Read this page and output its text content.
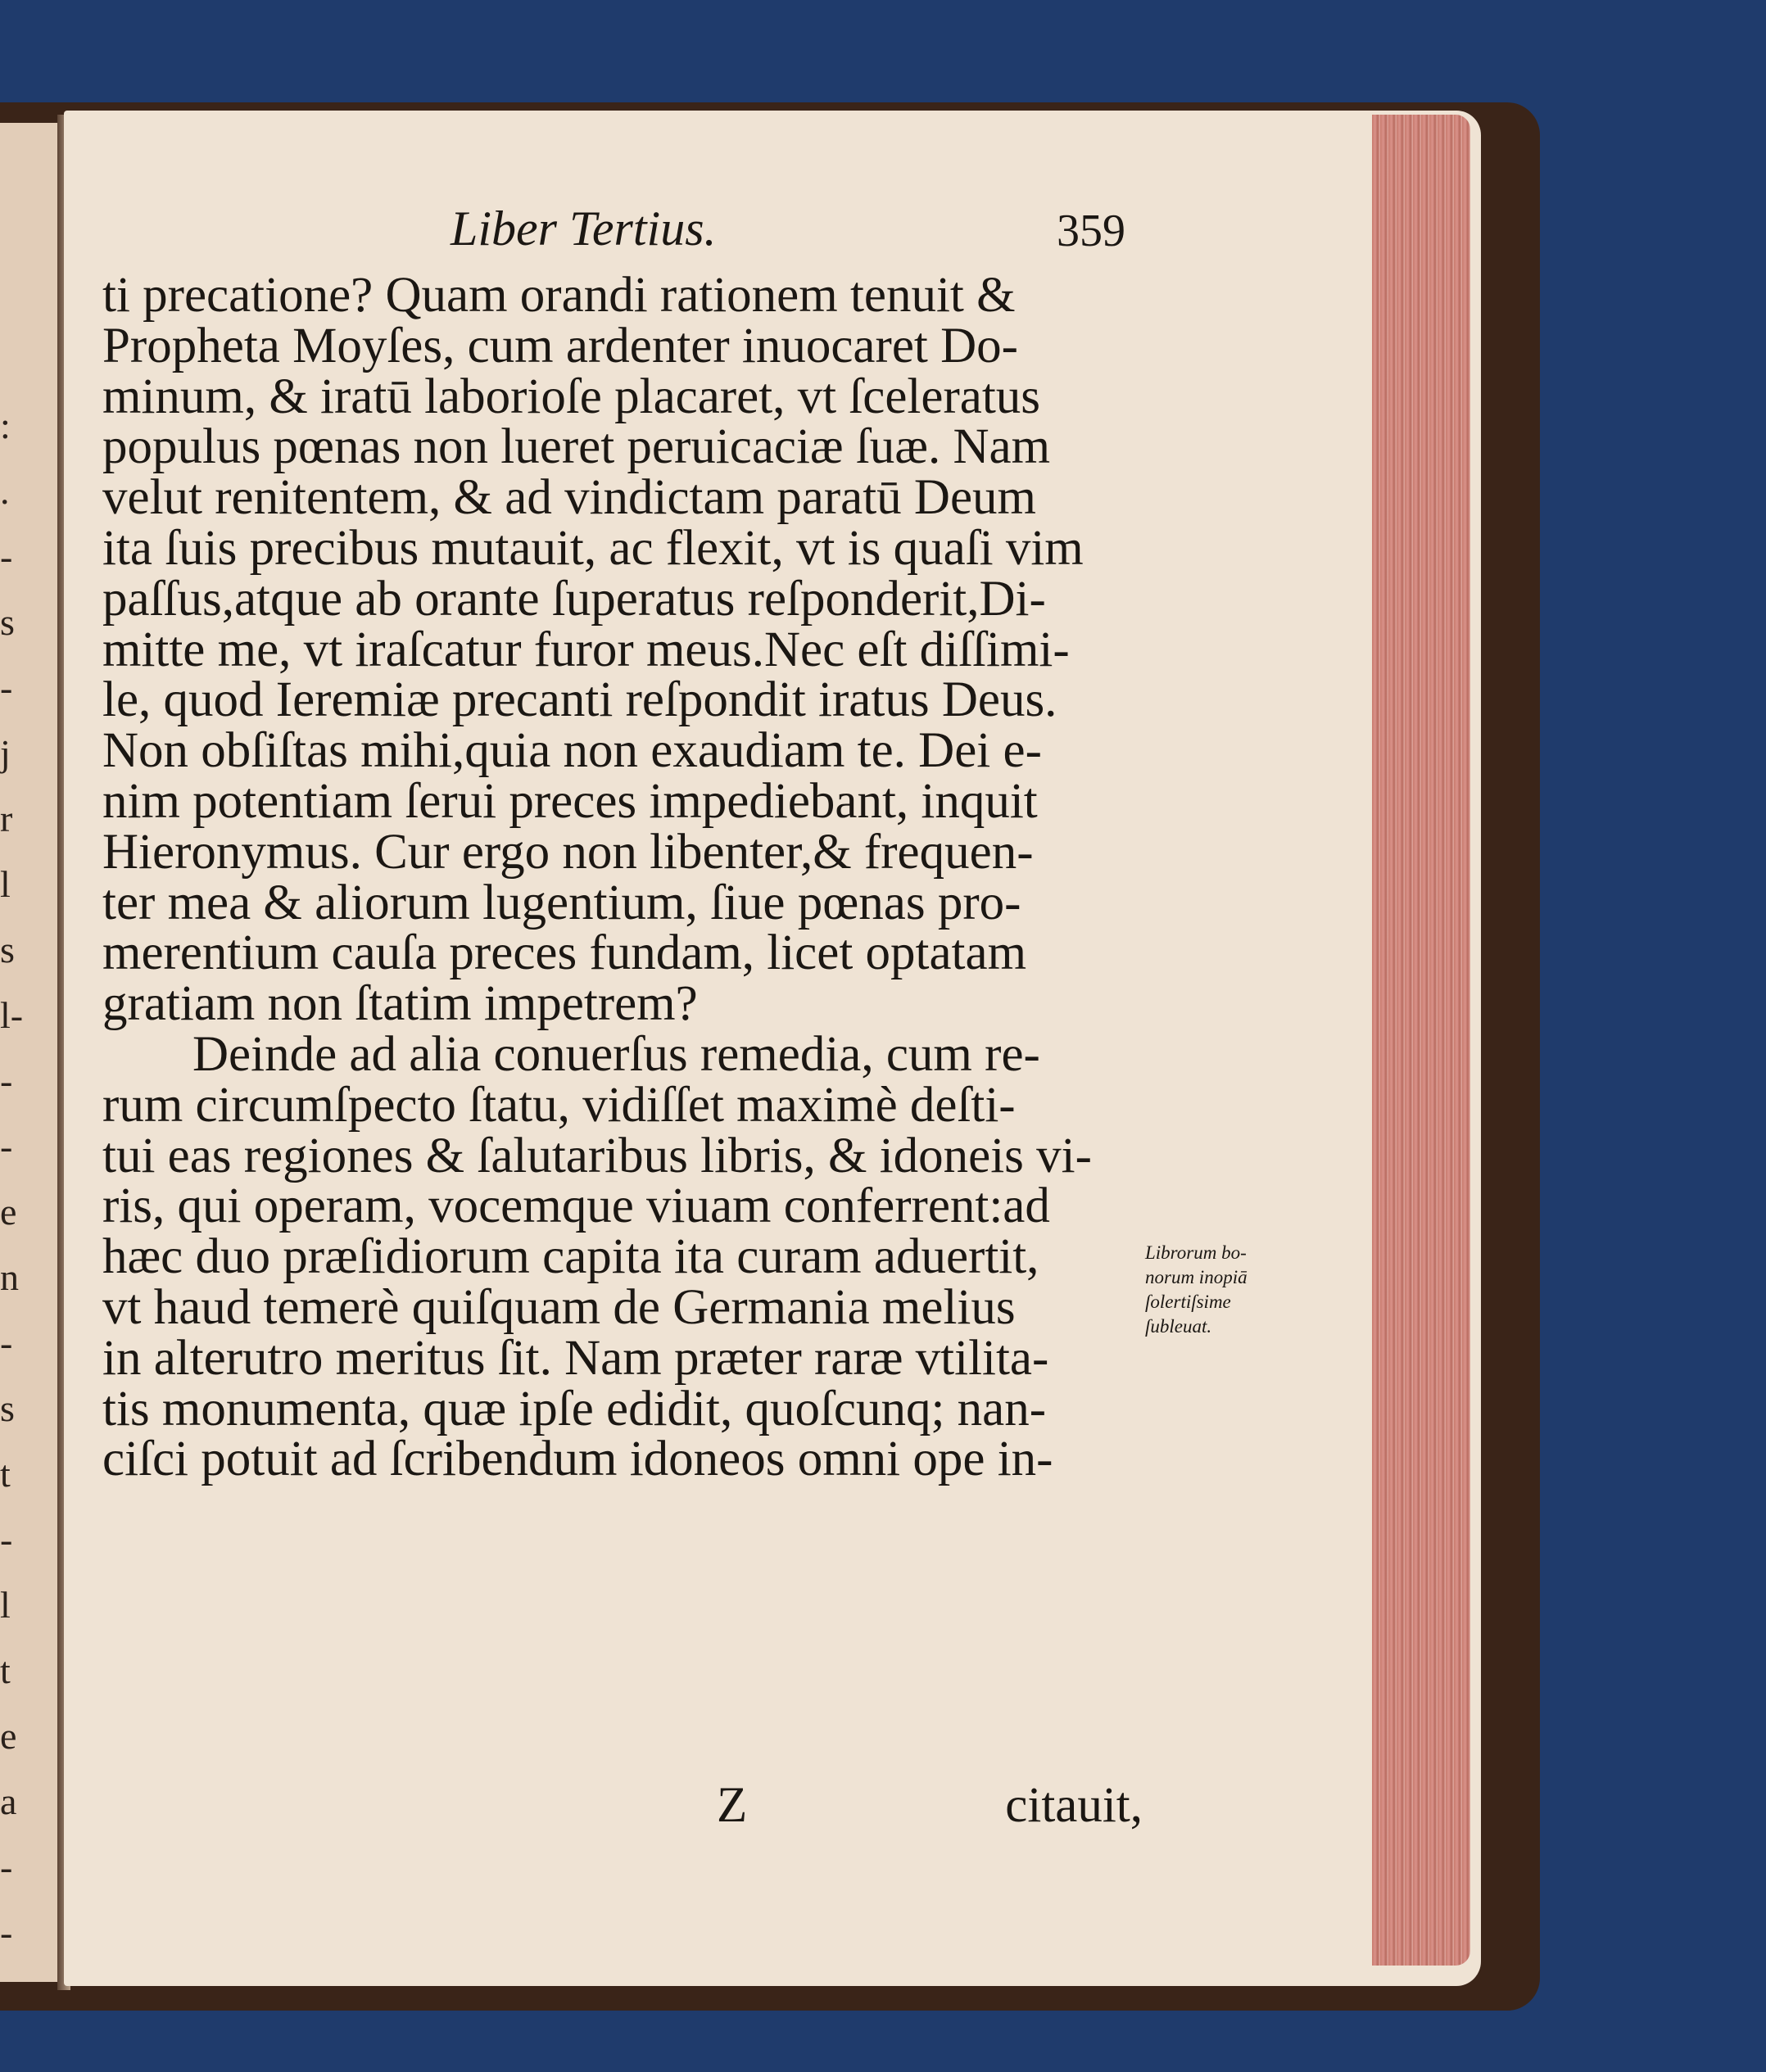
:
.
-
s
-
j
r
l
s
l-
-
-
e
n
-
s
t
-
l
t
e
a
-
-
Liber Tertius.	359
ti precatione? Quam orandi rationem tenuit &
Propheta Moyſes, cum ardenter inuocaret Do-
minum, & iratū laborioſe placaret, vt ſceleratus
populus pœnas non lueret peruicaciæ ſuæ. Nam
velut renitentem, & ad vindictam paratū Deum
ita ſuis precibus mutauit, ac flexit, vt is quaſi vim
paſſus,atque ab orante ſuperatus reſponderit,Di-
mitte me, vt iraſcatur furor meus.Nec eſt diſſimi-
le, quod Ieremiæ precanti reſpondit iratus Deus.
Non obſiſtas mihi,quia non exaudiam te. Dei e-
nim potentiam ſerui preces impediebant, inquit
Hieronymus. Cur ergo non libenter,& frequen-
ter mea & aliorum lugentium, ſiue pœnas pro-
merentium cauſa preces fundam, licet optatam
gratiam non ſtatim impetrem?
Deinde ad alia conuerſus remedia, cum re-
rum circumſpecto ſtatu, vidiſſet maximè deſti-
tui eas regiones & ſalutaribus libris, & idoneis vi-
ris, qui operam, vocemque viuam conferrent:ad
hæc duo præſidiorum capita ita curam aduertit,
vt haud temerè quiſquam de Germania melius
in alterutro meritus ſit. Nam præter raræ vtilita-
tis monumenta, quæ ipſe edidit, quoſcunq; nan-
ciſci potuit ad ſcribendum idoneos omni ope in-
Z	citauit,
Librorum bo-
norum inopiā
ſolertiſsime
ſubleuat.
